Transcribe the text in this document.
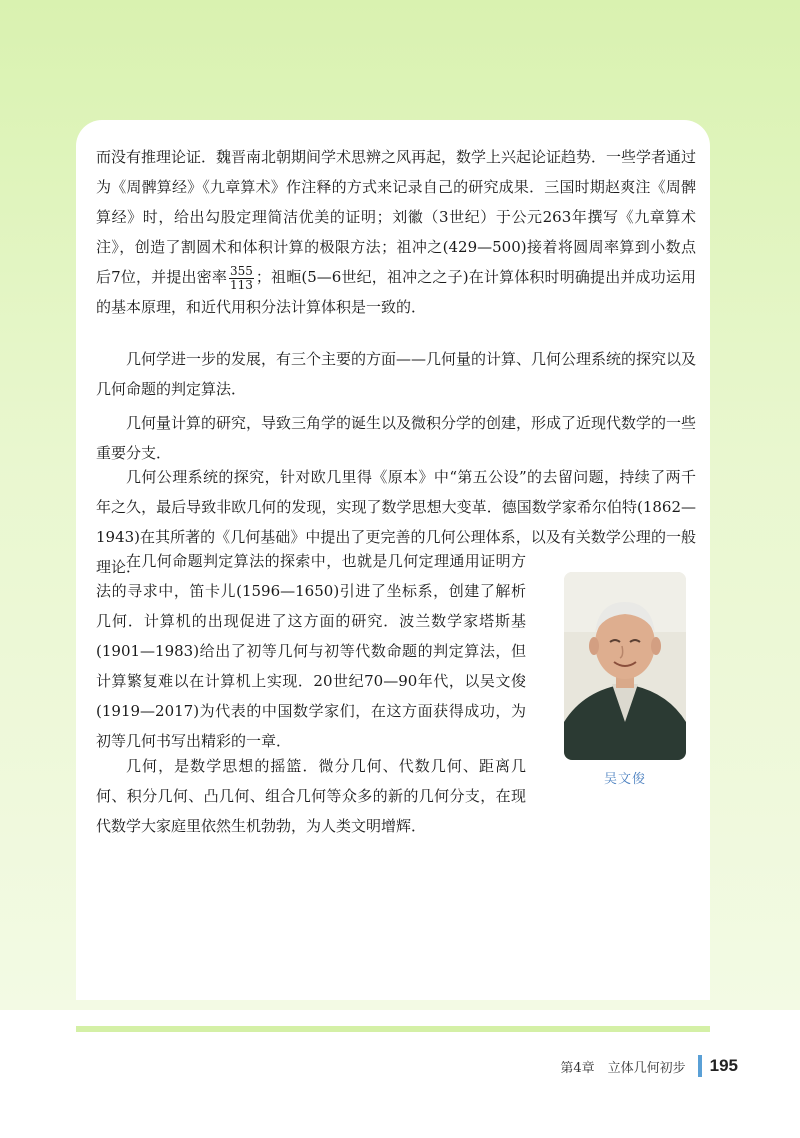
而没有推理论证．魏晋南北朝期间学术思辨之风再起，数学上兴起论证趋势．一些学者通过为《周髀算经》《九章算术》作注释的方式来记录自己的研究成果．三国时期赵爽注《周髀算经》时，给出勾股定理简洁优美的证明；刘徽（3世纪）于公元263年撰写《九章算术注》，创造了割圆术和体积计算的极限方法；祖冲之(429—500)接着将圆周率算到小数点后7位，并提出密率 $\frac{355}{113}$ ；祖暅(5—6世纪，祖冲之之子)在计算体积时明确提出并成功运用的基本原理，和近代用积分法计算体积是一致的．

几何学进一步的发展，有三个主要的方面——几何量的计算、几何公理系统的探究以及几何命题的判定算法．

几何量计算的研究，导致三角学的诞生以及微积分学的创建，形成了近现代数学的一些重要分支．

几何公理系统的探究，针对欧几里得《原本》中“第五公设”的去留问题，持续了两千年之久，最后导致非欧几何的发现，实现了数学思想大变革．德国数学家希尔伯特(1862—1943)在其所著的《几何基础》中提出了更完善的几何公理体系，以及有关数学公理的一般理论．

在几何命题判定算法的探索中，也就是几何定理通用证明方法的寻求中，笛卡儿(1596—1650)引进了坐标系，创建了解析几何．计算机的出现促进了这方面的研究．波兰数学家塔斯基(1901—1983)给出了初等几何与初等代数命题的判定算法，但计算繁复难以在计算机上实现．20世纪70—90年代，以吴文俊(1919—2017)为代表的中国数学家们，在这方面获得成功，为初等几何书写出精彩的一章．

几何，是数学思想的摇篮．微分几何、代数几何、距离几何、积分几何、凸几何、组合几何等众多的新的几何分支，在现代数学大家庭里依然生机勃勃，为人类文明增辉．

吴文俊
第4章　立体几何初步 195
